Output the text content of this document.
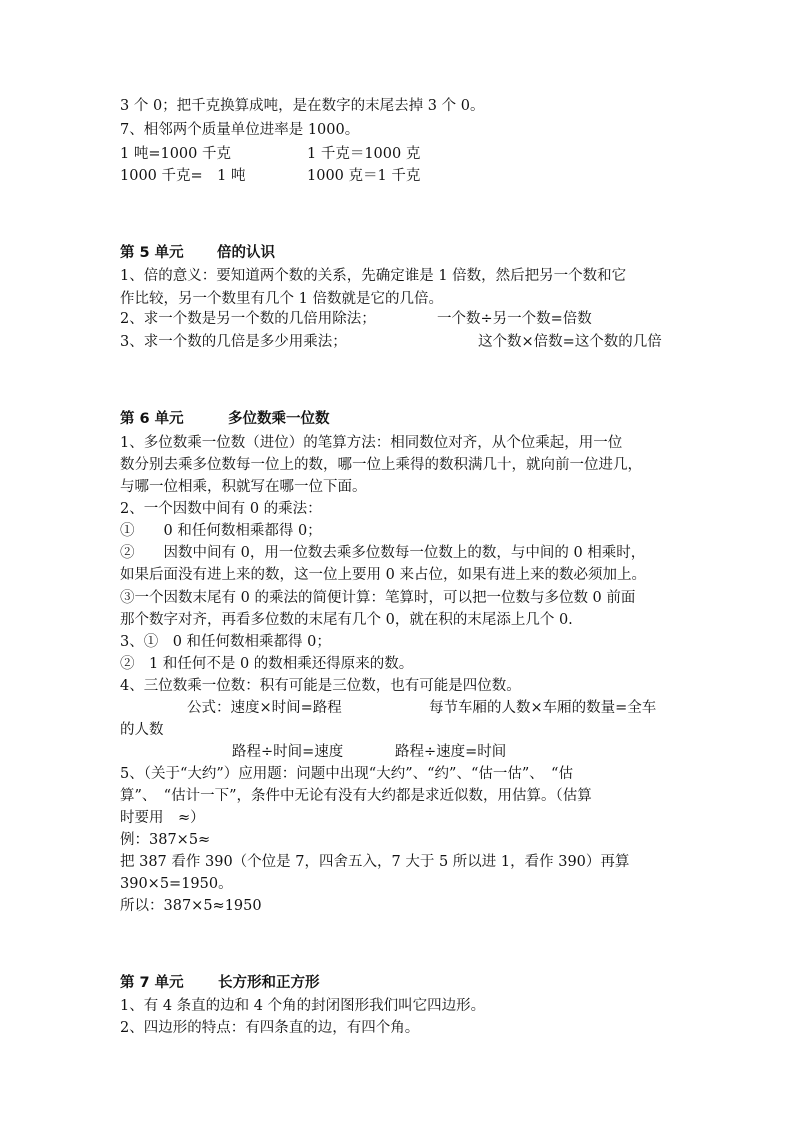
3 个 0；把千克换算成吨，是在数字的末尾去掉 3 个 0。
7、相邻两个质量单位进率是 1000。
1 吨=1000 千克	1 千克＝1000 克
1000 千克=　1 吨	1000 克＝1 千克
第 5 单元 倍的认识
1、倍的意义：要知道两个数的关系，先确定谁是 1 倍数，然后把另一个数和它
作比较，另一个数里有几个 1 倍数就是它的几倍。
2、求一个数是另一个数的几倍用除法；	一个数÷另一个数=倍数
3、求一个数的几倍是多少用乘法；	这个数×倍数=这个数的几倍
第 6 单元	多位数乘一位数
1、多位数乘一位数（进位）的笔算方法：相同数位对齐，从个位乘起，用一位
数分别去乘多位数每一位上的数，哪一位上乘得的数积满几十，就向前一位进几，
与哪一位相乘，积就写在哪一位下面。
2、一个因数中间有 0 的乘法：
①　　0 和任何数相乘都得 0；
②　　因数中间有 0，用一位数去乘多位数每一位数上的数，与中间的 0 相乘时，
如果后面没有进上来的数，这一位上要用 0 来占位，如果有进上来的数必须加上。
③一个因数末尾有 0 的乘法的简便计算：笔算时，可以把一位数与多位数 0 前面
那个数字对齐，再看多位数的末尾有几个 0，就在积的末尾添上几个 0.
3、①　0 和任何数相乘都得 0；
②　1 和任何不是 0 的数相乘还得原来的数。
4、三位数乘一位数：积有可能是三位数，也有可能是四位数。
公式：速度×时间=路程	每节车厢的人数×车厢的数量=全车
的人数
路程÷时间=速度	路程÷速度=时间
5、（关于“大约”）应用题：问题中出现“大约”、“约”、“估一估”、　“估
算”、　“估计一下”，条件中无论有没有大约都是求近似数，用估算。（估算
时要用　≈）
例：387×5≈
把 387 看作 390（个位是 7，四舍五入，7 大于 5 所以进 1，看作 390）再算
390×5=1950。
所以：387×5≈1950
第 7 单元 长方形和正方形
1、有 4 条直的边和 4 个角的封闭图形我们叫它四边形。
2、四边形的特点：有四条直的边，有四个角。
